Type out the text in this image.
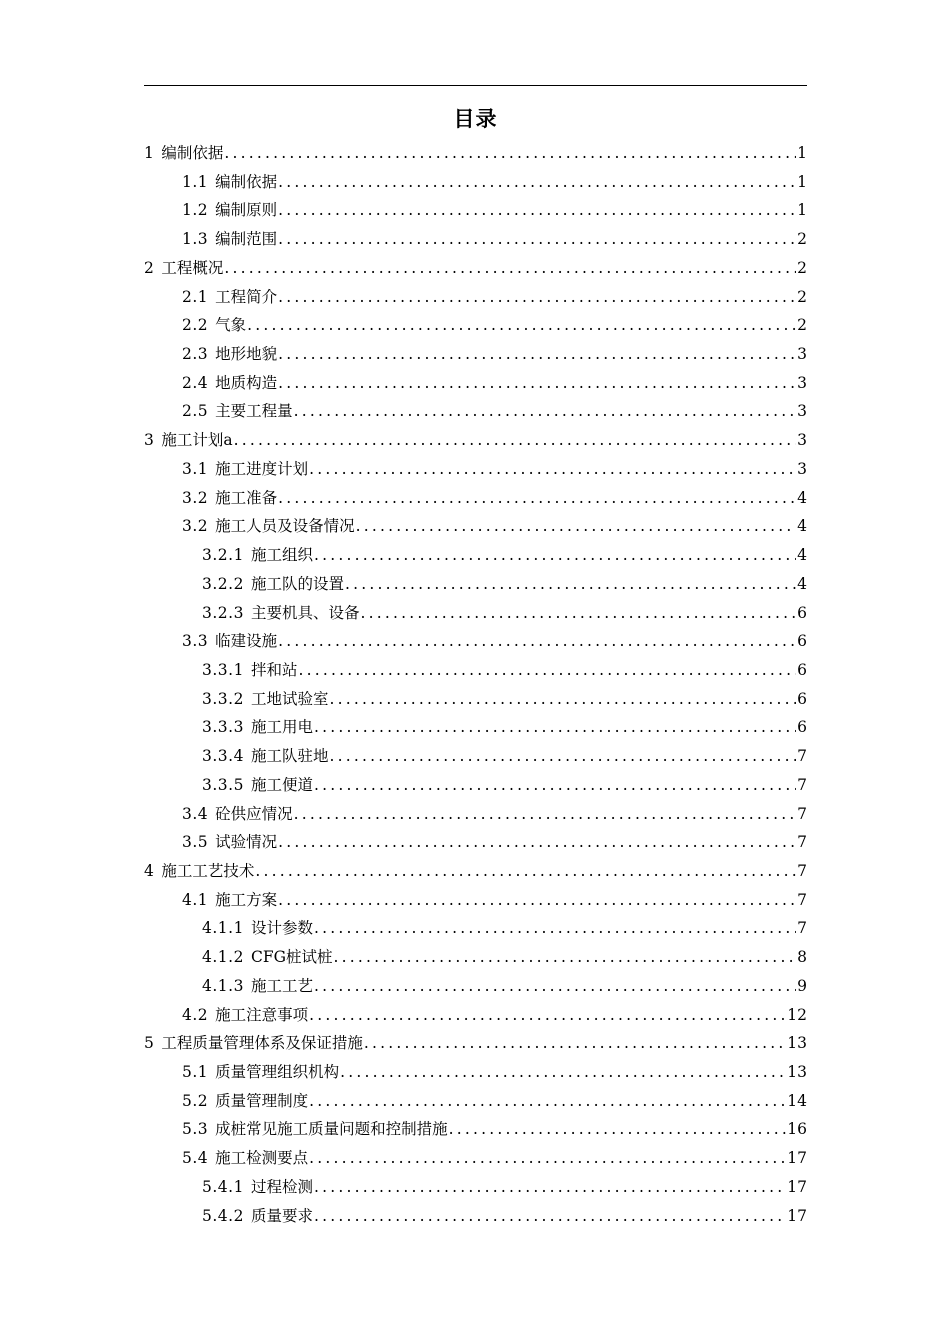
目录
1 编制依据 .....	1
1.1 编制依据 .....	1
1.2 编制原则 .....	1
1.3 编制范围 .....	2
2 工程概况 .....	2
2.1 工程简介 .....	2
2.2 气象 .....	2
2.3 地形地貌 .....	3
2.4 地质构造 .....	3
2.5 主要工程量 .....	3
3 施工计划a .....	3
3.1 施工进度计划 .....	3
3.2 施工准备 .....	4
3.2 施工人员及设备情况 .....	4
3.2.1 施工组织 .....	4
3.2.2 施工队的设置 .....	4
3.2.3 主要机具、设备 .....	6
3.3 临建设施 .....	6
3.3.1 拌和站 .....	6
3.3.2 工地试验室 .....	6
3.3.3 施工用电 .....	6
3.3.4 施工队驻地 .....	7
3.3.5 施工便道 .....	7
3.4 砼供应情况 .....	7
3.5 试验情况 .....	7
4 施工工艺技术 .....	7
4.1 施工方案 .....	7
4.1.1 设计参数 .....	7
4.1.2 CFG桩试桩 .....	8
4.1.3 施工工艺 .....	9
4.2 施工注意事项 .....	12
5 工程质量管理体系及保证措施 .....	13
5.1 质量管理组织机构 .....	13
5.2 质量管理制度 .....	14
5.3 成桩常见施工质量问题和控制措施 .....	16
5.4 施工检测要点 .....	17
5.4.1 过程检测 .....	17
5.4.2 质量要求 .....	17
